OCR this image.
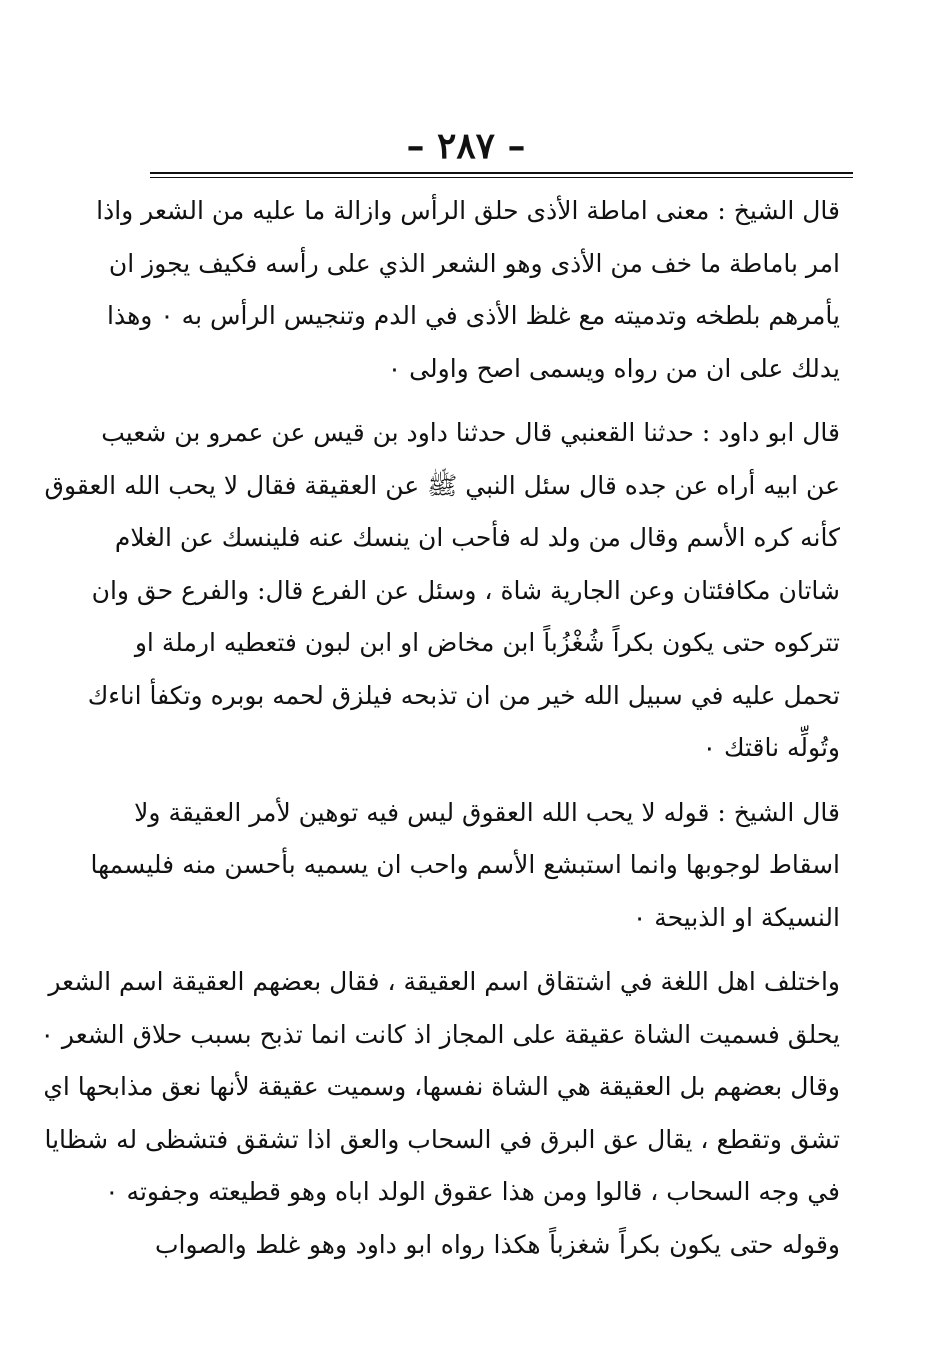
– ٢٨٧ –
قال الشيخ : معنى اماطة الأذى حلق الرأس وازالة ما عليه من الشعر واذا
امر باماطة ما خف من الأذى وهو الشعر الذي على رأسه فكيف يجوز ان
يأمرهم بلطخه وتدميته مع غلظ الأذى في الدم وتنجيس الرأس به ٠ وهذا
يدلك على ان من رواه ويسمى اصح واولى ٠
قال ابو داود : حدثنا القعنبي قال حدثنا داود بن قيس عن عمرو بن شعيب
عن ابيه أراه عن جده قال سئل النبي ﷺ عن العقيقة فقال لا يحب الله العقوق
كأنه كره الأسم وقال من ولد له فأحب ان ينسك عنه فلينسك عن الغلام
شاتان مكافئتان وعن الجارية شاة ، وسئل عن الفرع قال: والفرع حق وان
تتركوه حتى يكون بكراً شُغْزُباً ابن مخاض او ابن لبون فتعطيه ارملة او
تحمل عليه في سبيل الله خير من ان تذبحه فيلزق لحمه بوبره وتكفأ اناءك
وتُولِّه ناقتك ٠
قال الشيخ : قوله لا يحب الله العقوق ليس فيه توهين لأمر العقيقة ولا
اسقاط لوجوبها وانما استبشع الأسم واحب ان يسميه بأحسن منه فليسمها
النسيكة او الذبيحة ٠
واختلف اهل اللغة في اشتقاق اسم العقيقة ، فقال بعضهم العقيقة اسم الشعر
يحلق فسميت الشاة عقيقة على المجاز اذ كانت انما تذبح بسبب حلاق الشعر ٠
وقال بعضهم بل العقيقة هي الشاة نفسها، وسميت عقيقة لأنها نعق مذابحها اي
تشق وتقطع ، يقال عق البرق في السحاب والعق اذا تشقق فتشظى له شظايا
في وجه السحاب ، قالوا ومن هذا عقوق الولد اباه وهو قطيعته وجفوته ٠
وقوله حتى يكون بكراً شغزباً هكذا رواه ابو داود وهو غلط والصواب
